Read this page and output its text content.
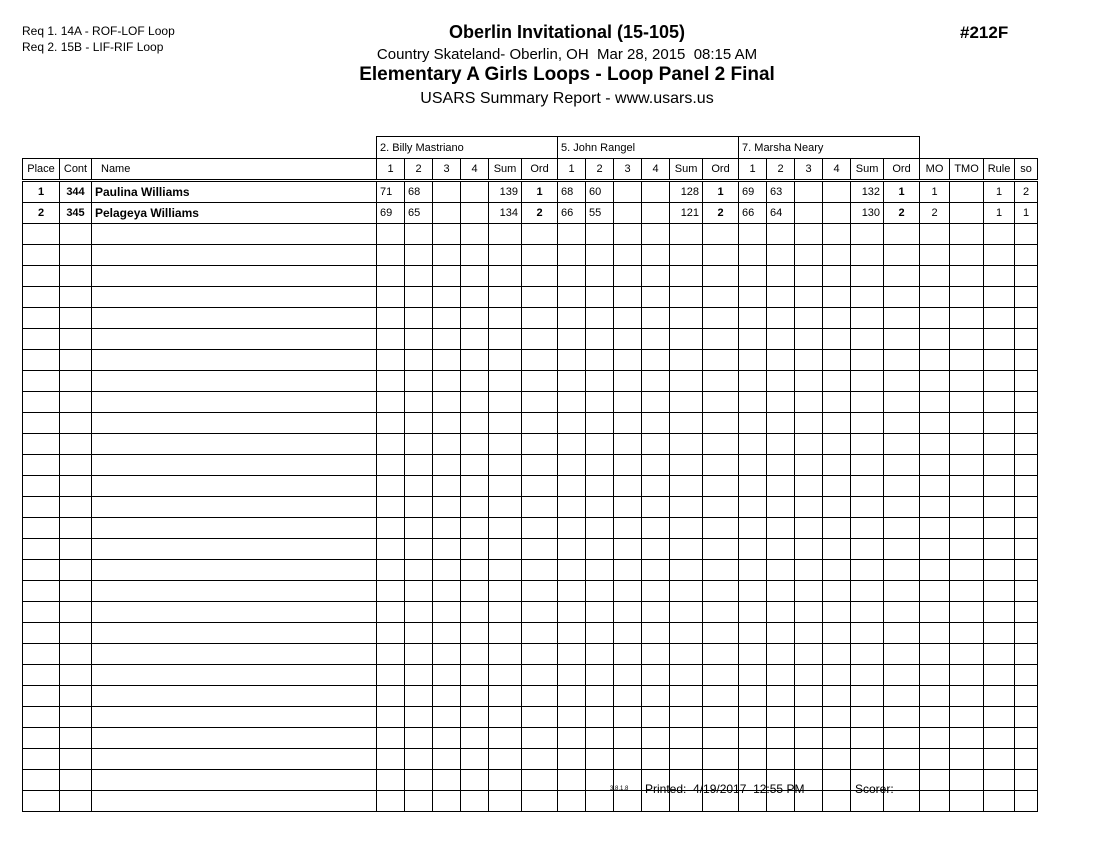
Req 1. 14A - ROF-LOF Loop
Req 2. 15B - LIF-RIF Loop
Oberlin Invitational (15-105)
Country Skateland- Oberlin, OH  Mar 28, 2015  08:15 AM
Elementary A Girls Loops - Loop Panel 2 Final
USARS Summary Report - www.usars.us
#212F
			2. Billy Mastriano						5. John Rangel						7. Marsha Neary									
Place	Cont	Name	1	2	3	4	Sum	Ord	1	2	3	4	Sum	Ord	1	2	3	4	Sum	Ord	MO	TMO	Rule	so
1	344	Paulina Williams	71	68			139	1	68	60			128	1	69	63			132	1	1		1	2
2	345	Pelageya Williams	69	65			134	2	66	55			121	2	66	64			130	2	2		1	1

3.8.1.8 Printed:  4/19/2017  12:55 PM	Scorer:
